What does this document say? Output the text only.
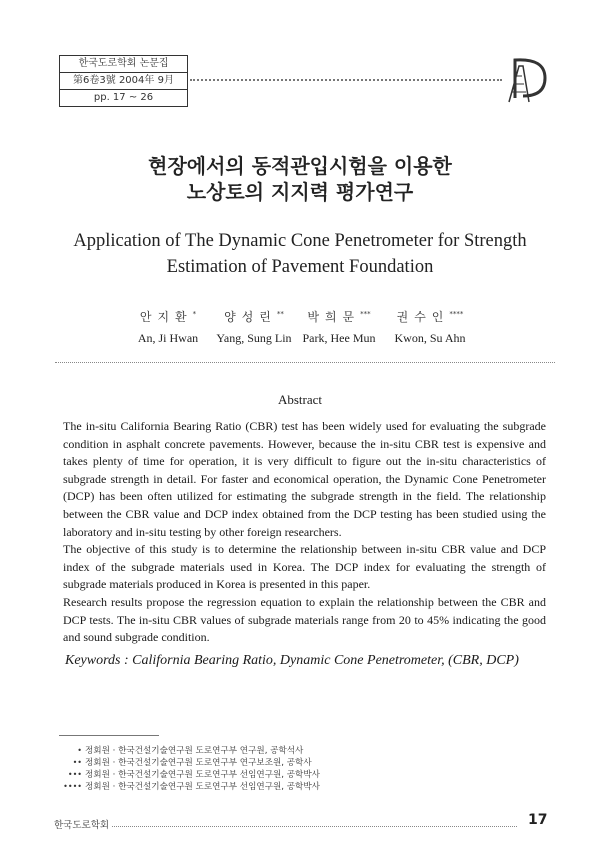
한국도로학회 논문집
第6卷3號 2004年 9月
pp. 17 ~ 26
현장에서의 동적관입시험을 이용한
노상토의 지지력 평가연구
Application of The Dynamic Cone Penetrometer for Strength
Estimation of Pavement Foundation
안지환*
An, Ji Hwan
양성린**
Yang, Sung Lin
박희문***
Park, Hee Mun
권수인****
Kwon, Su Ahn
Abstract

The in-situ California Bearing Ratio (CBR) test has been widely used for evaluating the subgrade condition in asphalt concrete pavements. However, because the in-situ CBR test is expensive and takes plenty of time for operation, it is very difficult to figure out the in-situ characteristics of subgrade strength in detail. For faster and economical operation, the Dynamic Cone Penetrometer (DCP) has been often utilized for estimating the subgrade strength in the field. The relationship between the CBR value and DCP index obtained from the DCP testing has been studied using the laboratory and in-situ testing by other foreign researchers.

The objective of this study is to determine the relationship between in-situ CBR value and DCP index of the subgrade materials used in Korea. The DCP index for evaluating the strength of subgrade materials produced in Korea is presented in this paper.

Research results propose the regression equation to explain the relationship between the CBR and DCP tests. The in-situ CBR values of subgrade materials range from 20 to 45% indicating the good and sound subgrade condition.

Keywords : California Bearing Ratio, Dynamic Cone Penetrometer, (CBR, DCP)
• 정회원 · 한국건설기술연구원 도로연구부 연구원, 공학석사
•• 정회원 · 한국건설기술연구원 도로연구부 연구보조원, 공학사
••• 정회원 · 한국건설기술연구원 도로연구부 선임연구원, 공학박사
•••• 정회원 · 한국건설기술연구원 도로연구부 선임연구원, 공학박사
한국도로학회	17
